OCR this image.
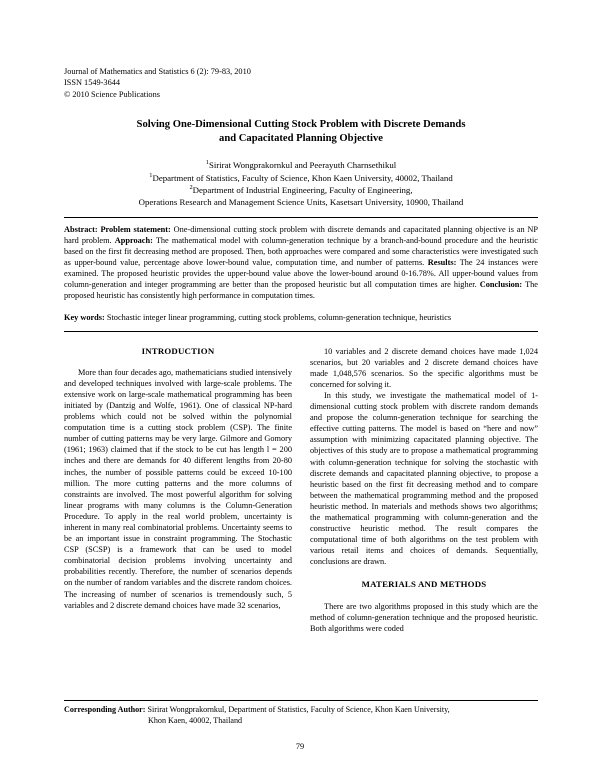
Journal of Mathematics and Statistics 6 (2): 79-83, 2010
ISSN 1549-3644
© 2010 Science Publications
Solving One-Dimensional Cutting Stock Problem with Discrete Demands
and Capacitated Planning Objective
$^1$Sirirat Wongprakornkul and Peerayuth Charnsethikul
$^1$Department of Statistics, Faculty of Science, Khon Kaen University, 40002, Thailand
$^2$Department of Industrial Engineering, Faculty of Engineering,
Operations Research and Management Science Units, Kasetsart University, 10900, Thailand
Abstract: Problem statement: One-dimensional cutting stock problem with discrete demands and capacitated planning objective is an NP hard problem. Approach: The mathematical model with column-generation technique by a branch-and-bound procedure and the heuristic based on the first fit decreasing method are proposed. Then, both approaches were compared and some characteristics were investigated such as upper-bound value, percentage above lower-bound value, computation time, and number of patterns. Results: The 24 instances were examined. The proposed heuristic provides the upper-bound value above the lower-bound around 0-16.78%. All upper-bound values from column-generation and integer programming are better than the proposed heuristic but all computation times are higher. Conclusion: The proposed heuristic has consistently high performance in computation times.
Key words: Stochastic integer linear programming, cutting stock problems, column-generation technique, heuristics
INTRODUCTION

More than four decades ago, mathematicians studied intensively and developed techniques involved with large-scale problems. The extensive work on large-scale mathematical programming has been initiated by (Dantzig and Wolfe, 1961). One of classical NP-hard problems which could not be solved within the polynomial computation time is a cutting stock problem (CSP). The finite number of cutting patterns may be very large. Gilmore and Gomory (1961; 1963) claimed that if the stock to be cut has length l = 200 inches and there are demands for 40 different lengths from 20-80 inches, the number of possible patterns could be exceed 10-100 million. The more cutting patterns and the more columns of constraints are involved. The most powerful algorithm for solving linear programs with many columns is the Column-Generation Procedure. To apply in the real world problem, uncertainty is inherent in many real combinatorial problems. Uncertainty seems to be an important issue in constraint programming. The Stochastic CSP (SCSP) is a framework that can be used to model combinatorial decision problems involving uncertainty and probabilities recently. Therefore, the number of scenarios depends on the number of random variables and the discrete random choices. The increasing of number of scenarios is tremendously such, 5 variables and 2 discrete demand choices have made 32 scenarios,

10 variables and 2 discrete demand choices have made 1,024 scenarios, but 20 variables and 2 discrete demand choices have made 1,048,576 scenarios. So the specific algorithms must be concerned for solving it.

In this study, we investigate the mathematical model of 1-dimensional cutting stock problem with discrete random demands and propose the column-generation technique for searching the effective cutting patterns. The model is based on “here and now” assumption with minimizing capacitated planning objective. The objectives of this study are to propose a mathematical programming with column-generation technique for solving the stochastic with discrete demands and capacitated planning objective, to propose a heuristic based on the first fit decreasing method and to compare between the mathematical programming method and the proposed heuristic method. In materials and methods shows two algorithms; the mathematical programming with column-generation and the constructive heuristic method. The result compares the computational time of both algorithms on the test problem with various retail items and choices of demands. Sequentially, conclusions are drawn.

MATERIALS AND METHODS

There are two algorithms proposed in this study which are the method of column-generation technique and the proposed heuristic. Both algorithms were coded

Corresponding Author: Sirirat Wongprakornkul, Department of Statistics, Faculty of Science, Khon Kaen University,
Khon Kaen, 40002, Thailand
79
